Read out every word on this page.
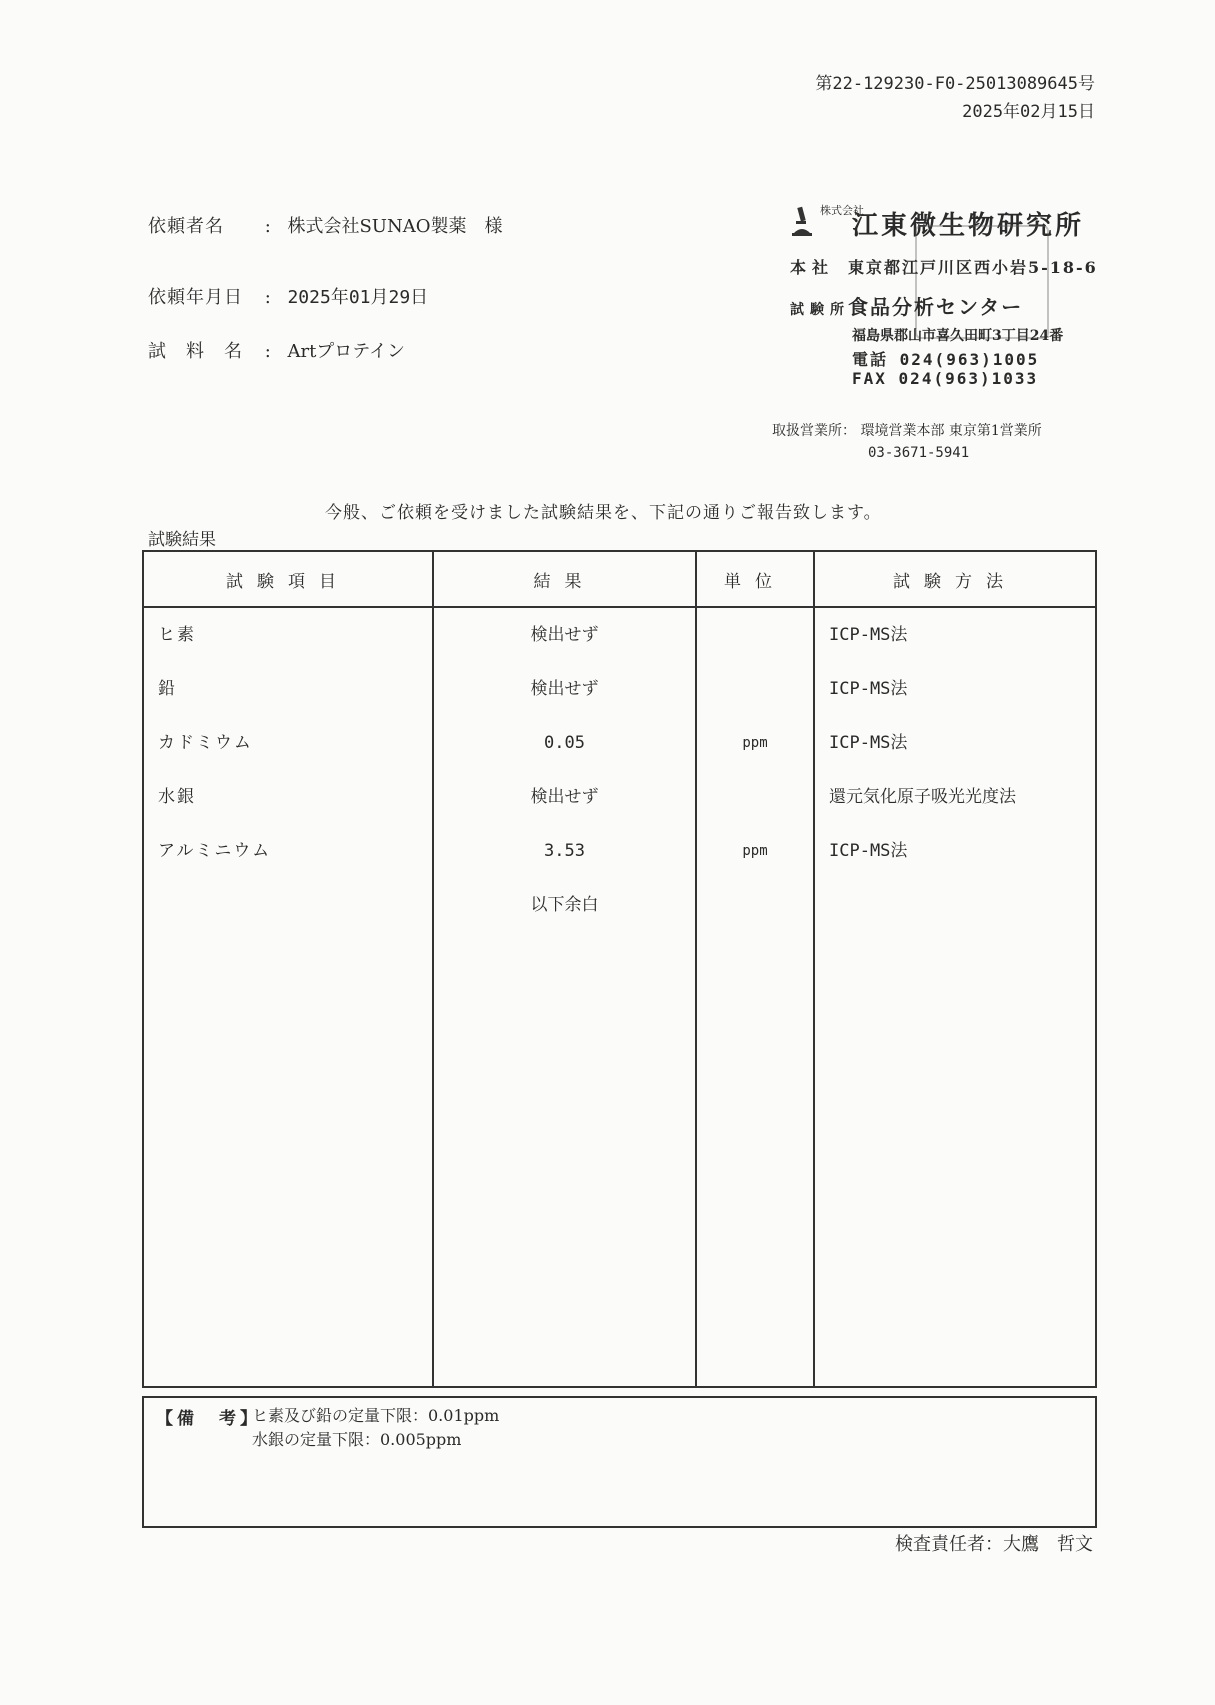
第22-129230-F0-25013089645号
2025年02月15日
依頼者名 : 株式会社SUNAO製薬　様
依頼年月日 : 2025年01月29日
試　料　名 : Artプロテイン
株式会社
江東微生物研究所
本社 東京都江戸川区西小岩5-18-6
試験所食品分析センター
福島県郡山市喜久田町3丁目24番
電話 024(963)1005
FAX 024(963)1033
取扱営業所： 環境営業本部 東京第1営業所
03-3671-5941
今般、ご依頼を受けました試験結果を、下記の通りご報告致します。
試験結果
試験項目	結果	単位	試験方法
ヒ素	検出せず		ICP-MS法
鉛	検出せず		ICP-MS法
カドミウム	0.05	ppm	ICP-MS法
水銀	検出せず		還元気化原子吸光光度法
アルミニウム	3.53	ppm	ICP-MS法
	以下余白		

【備　考】
ヒ素及び鉛の定量下限：0.01ppm
水銀の定量下限：0.005ppm
検査責任者：大鷹　哲文
